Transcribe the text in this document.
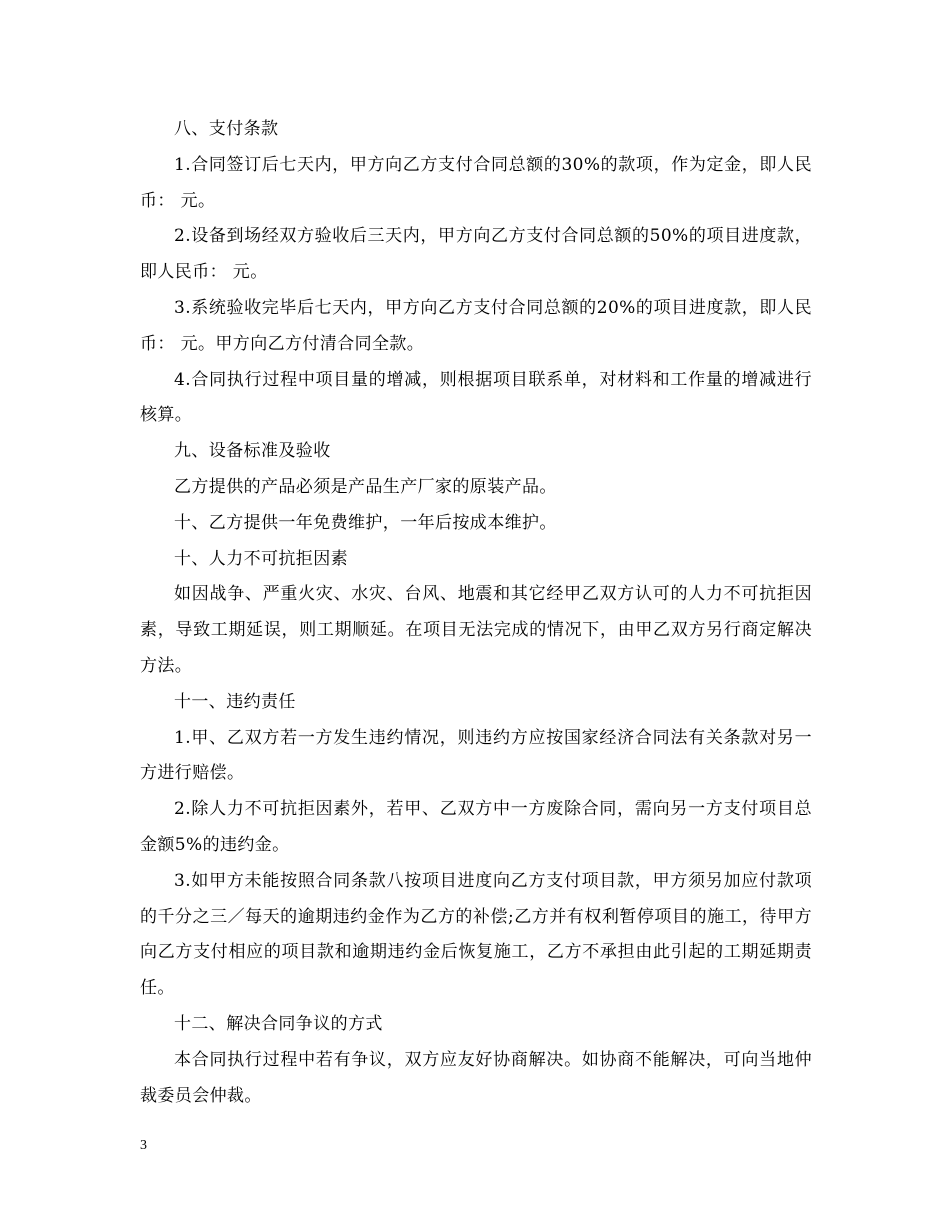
八、支付条款

1.合同签订后七天内，甲方向乙方支付合同总额的30%的款项，作为定金，即人民币： 元。

2.设备到场经双方验收后三天内，甲方向乙方支付合同总额的50%的项目进度款，即人民币： 元。

3.系统验收完毕后七天内，甲方向乙方支付合同总额的20%的项目进度款，即人民币： 元。甲方向乙方付清合同全款。

4.合同执行过程中项目量的增减，则根据项目联系单，对材料和工作量的增减进行核算。

九、设备标准及验收

乙方提供的产品必须是产品生产厂家的原装产品。

十、乙方提供一年免费维护，一年后按成本维护。

十、人力不可抗拒因素

如因战争、严重火灾、水灾、台风、地震和其它经甲乙双方认可的人力不可抗拒因素，导致工期延误，则工期顺延。在项目无法完成的情况下，由甲乙双方另行商定解决方法。

十一、违约责任

1.甲、乙双方若一方发生违约情况，则违约方应按国家经济合同法有关条款对另一方进行赔偿。

2.除人力不可抗拒因素外，若甲、乙双方中一方废除合同，需向另一方支付项目总金额5%的违约金。

3.如甲方未能按照合同条款八按项目进度向乙方支付项目款，甲方须另加应付款项的千分之三／每天的逾期违约金作为乙方的补偿;乙方并有权利暂停项目的施工，待甲方向乙方支付相应的项目款和逾期违约金后恢复施工，乙方不承担由此引起的工期延期责任。

十二、解决合同争议的方式

本合同执行过程中若有争议，双方应友好协商解决。如协商不能解决，可向当地仲裁委员会仲裁。

3
